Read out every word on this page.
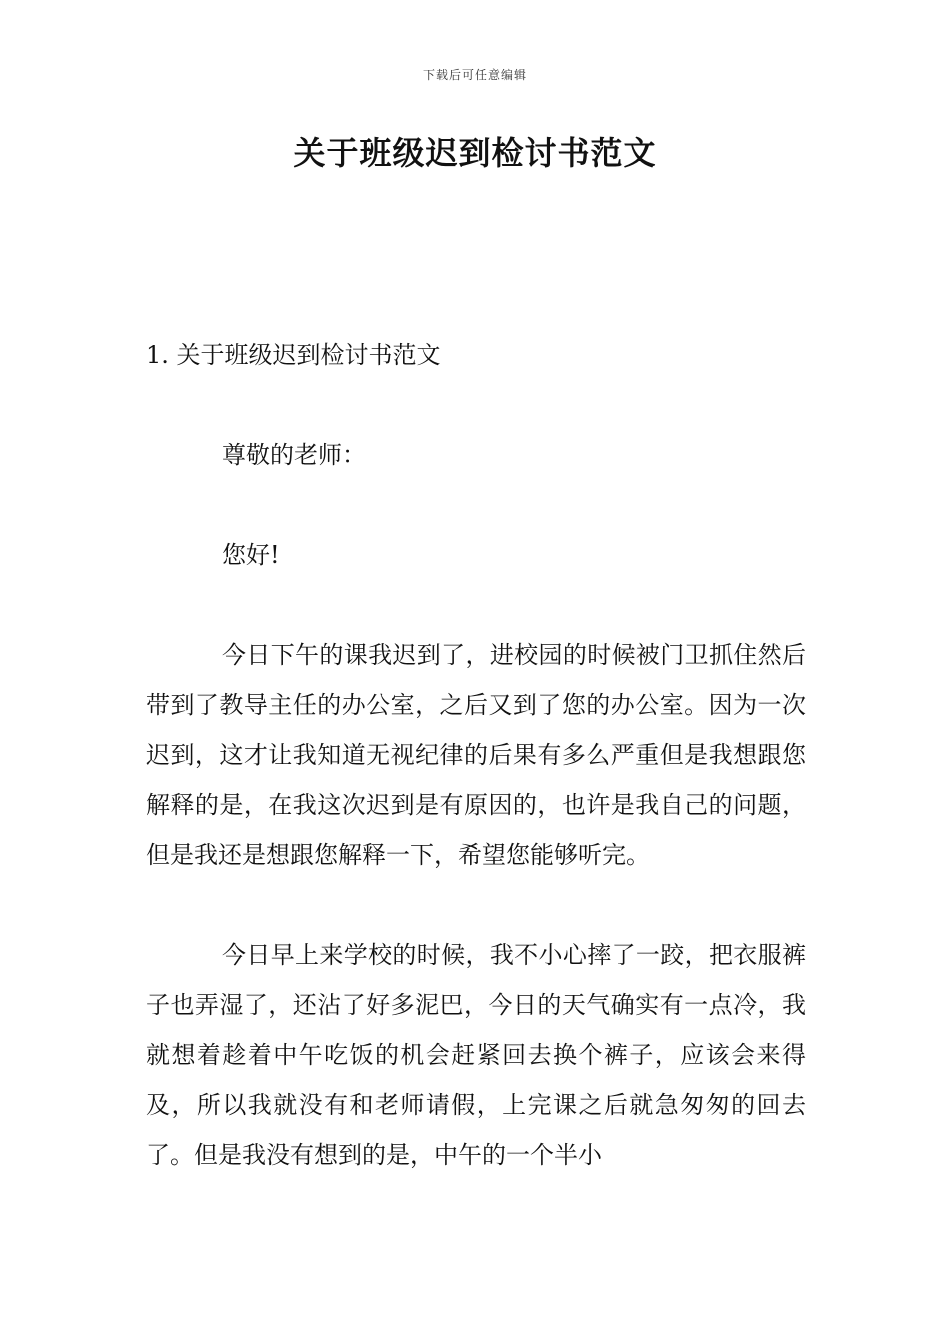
下载后可任意编辑
关于班级迟到检讨书范文

1. 关于班级迟到检讨书范文

尊敬的老师：

您好!

今日下午的课我迟到了，进校园的时候被门卫抓住然后带到了教导主任的办公室，之后又到了您的办公室。因为一次迟到，这才让我知道无视纪律的后果有多么严重但是我想跟您解释的是，在我这次迟到是有原因的，也许是我自己的问题，但是我还是想跟您解释一下，希望您能够听完。

今日早上来学校的时候，我不小心摔了一跤，把衣服裤子也弄湿了，还沾了好多泥巴，今日的天气确实有一点冷，我就想着趁着中午吃饭的机会赶紧回去换个裤子，应该会来得及，所以我就没有和老师请假，上完课之后就急匆匆的回去了。但是我没有想到的是，中午的一个半小
